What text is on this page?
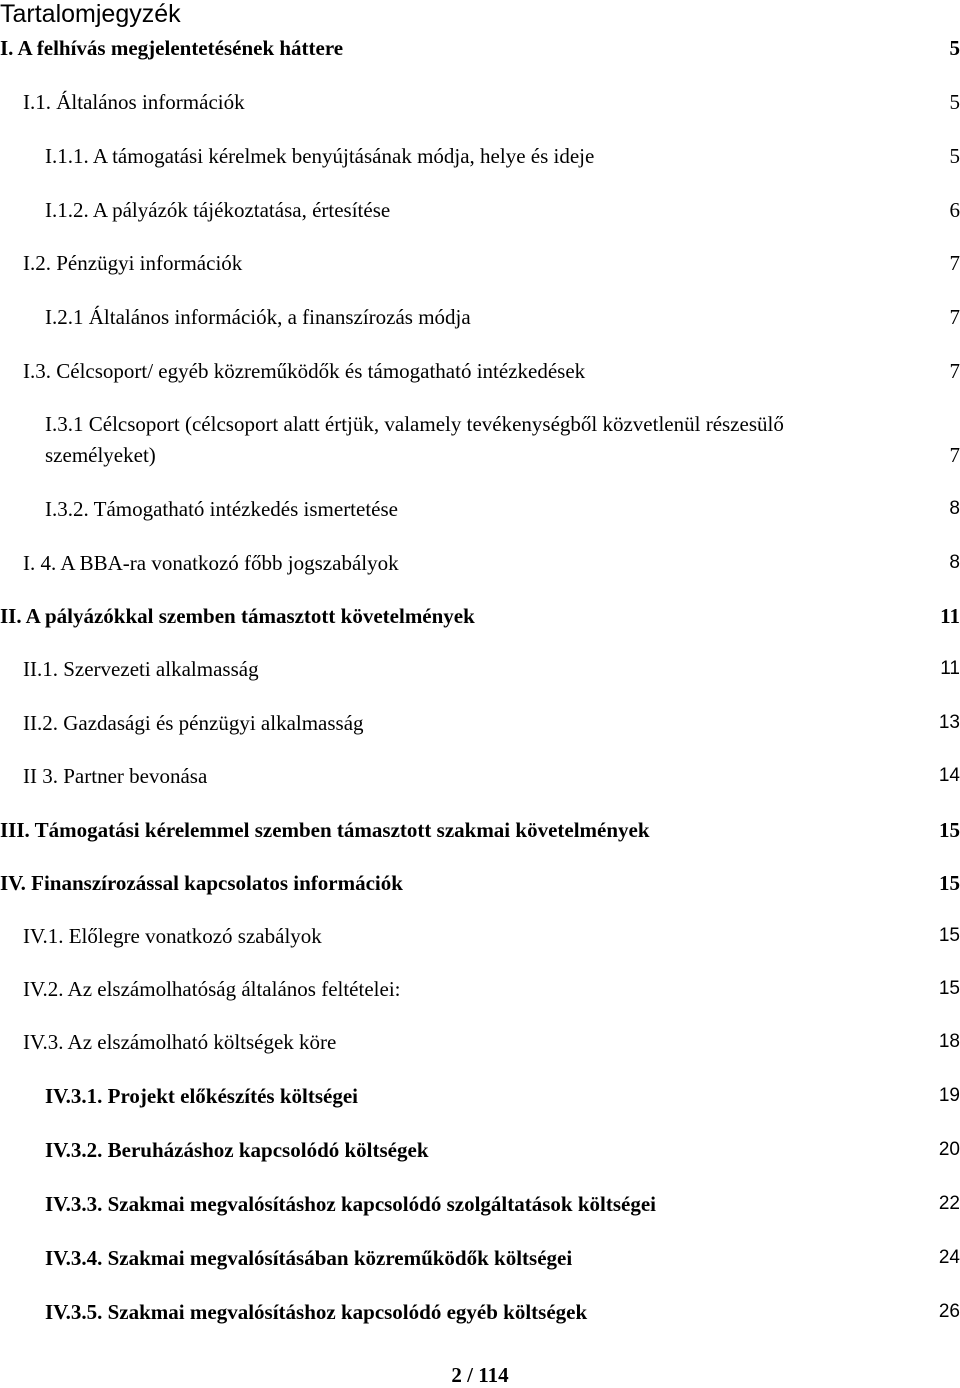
Tartalomjegyzék
I. A felhívás megjelentetésének háttere	5
I.1. Általános információk	5
I.1.1. A támogatási kérelmek benyújtásának módja, helye és ideje	5
I.1.2. A pályázók tájékoztatása, értesítése	6
I.2. Pénzügyi információk	7
I.2.1 Általános információk, a finanszírozás módja	7
I.3. Célcsoport/ egyéb közreműködők és támogatható intézkedések	7
I.3.1 Célcsoport (célcsoport alatt értjük, valamely tevékenységből közvetlenül részesülő
személyeket)	7
I.3.2. Támogatható intézkedés ismertetése	8
I. 4. A BBA-ra vonatkozó főbb jogszabályok	8
II. A pályázókkal szemben támasztott követelmények	11
II.1. Szervezeti alkalmasság	11
II.2. Gazdasági és pénzügyi alkalmasság	13
II 3. Partner bevonása	14
III. Támogatási kérelemmel szemben támasztott szakmai követelmények	15
IV. Finanszírozással kapcsolatos információk	15
IV.1. Előlegre vonatkozó szabályok	15
IV.2. Az elszámolhatóság általános feltételei:	15
IV.3. Az elszámolható költségek köre	18
IV.3.1. Projekt előkészítés költségei	19
IV.3.2. Beruházáshoz kapcsolódó költségek	20
IV.3.3. Szakmai megvalósításhoz kapcsolódó szolgáltatások költségei	22
IV.3.4. Szakmai megvalósításában közreműködők költségei	24
IV.3.5. Szakmai megvalósításhoz kapcsolódó egyéb költségek	26
2 / 114
